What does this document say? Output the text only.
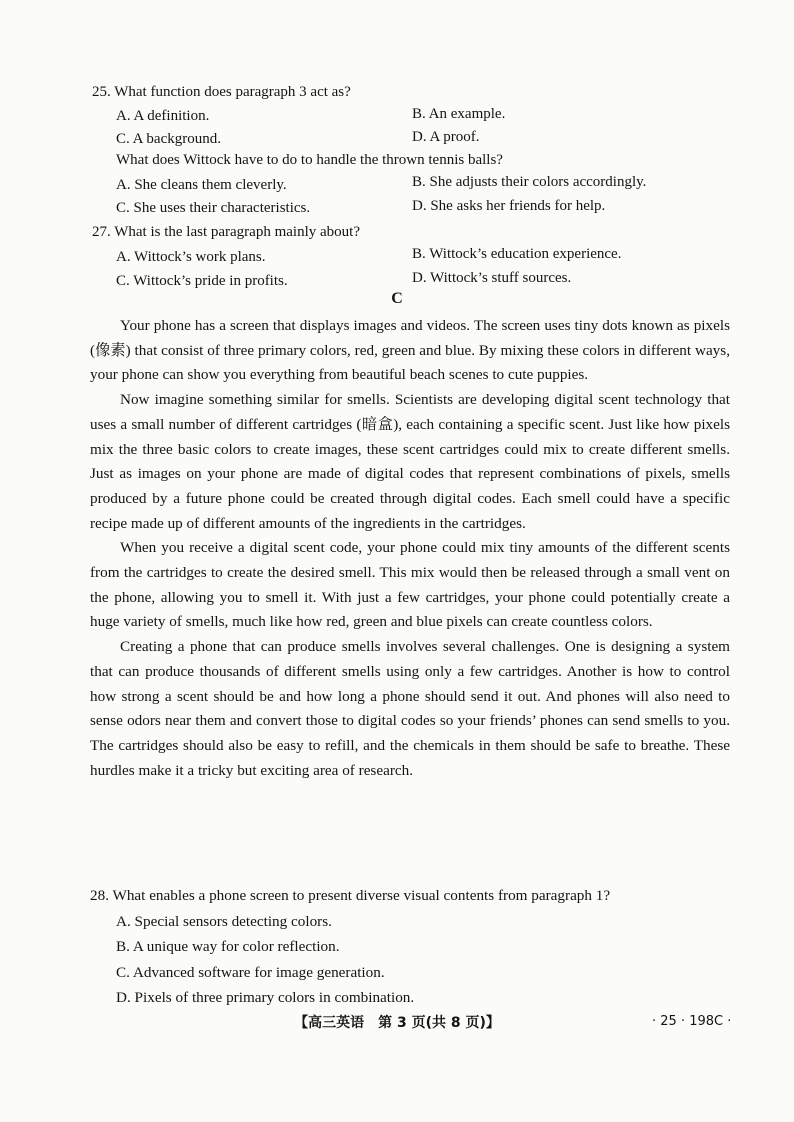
25. What function does paragraph 3 act as?
A. A definition.	B. An example.
C. A background.	D. A proof.
What does Wittock have to do to handle the thrown tennis balls?
A. She cleans them cleverly.	B. She adjusts their colors accordingly.
C. She uses their characteristics.	D. She asks her friends for help.
27. What is the last paragraph mainly about?
A. Wittock’s work plans.	B. Wittock’s education experience.
C. Wittock’s pride in profits.	D. Wittock’s stuff sources.
C

Your phone has a screen that displays images and videos. The screen uses tiny dots known as pixels (像素) that consist of three primary colors, red, green and blue. By mixing these colors in different ways, your phone can show you everything from beautiful beach scenes to cute puppies.

Now imagine something similar for smells. Scientists are developing digital scent technology that uses a small number of different cartridges (暗盒), each containing a specific scent. Just like how pixels mix the three basic colors to create images, these scent cartridges could mix to create different smells. Just as images on your phone are made of digital codes that represent combinations of pixels, smells produced by a future phone could be created through digital codes. Each smell could have a specific recipe made up of different amounts of the ingredients in the cartridges.

When you receive a digital scent code, your phone could mix tiny amounts of the different scents from the cartridges to create the desired smell. This mix would then be released through a small vent on the phone, allowing you to smell it. With just a few cartridges, your phone could potentially create a huge variety of smells, much like how red, green and blue pixels can create countless colors.

Creating a phone that can produce smells involves several challenges. One is designing a system that can produce thousands of different smells using only a few cartridges. Another is how to control how strong a scent should be and how long a phone should send it out. And phones will also need to sense odors near them and convert those to digital codes so your friends’ phones can send smells to you. The cartridges should also be easy to refill, and the chemicals in them should be safe to breathe. These hurdles make it a tricky but exciting area of research.

28. What enables a phone screen to present diverse visual contents from paragraph 1?
A. Special sensors detecting colors.
B. A unique way for color reflection.
C. Advanced software for image generation.
D. Pixels of three primary colors in combination.
【高三英语　第 3 页(共 8 页)】	· 25 · 198C ·
